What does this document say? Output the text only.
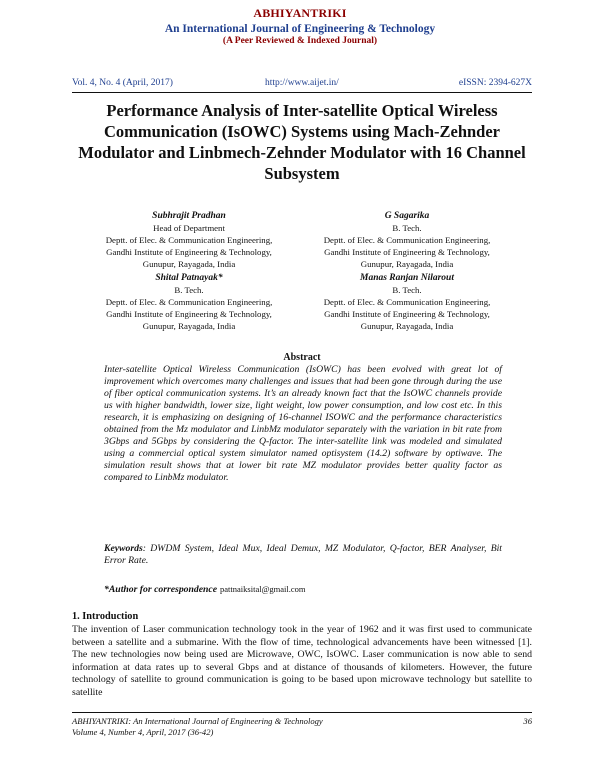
ABHIYANTRIKI
An International Journal of Engineering & Technology
(A Peer Reviewed & Indexed Journal)
Vol. 4, No. 4 (April, 2017)	http://www.aijet.in/	eISSN: 2394-627X
Performance Analysis of Inter-satellite Optical Wireless Communication (IsOWC) Systems using Mach-Zehnder Modulator and Linbmech-Zehnder Modulator with 16 Channel Subsystem
Subhrajit Pradhan
Head of Department
Deptt. of Elec. & Communication Engineering,
Gandhi Institute of Engineering & Technology,
Gunupur, Rayagada, India
G Sagarika
B. Tech.
Deptt. of Elec. & Communication Engineering,
Gandhi Institute of Engineering & Technology,
Gunupur, Rayagada, India
Shital Patnayak*
B. Tech.
Deptt. of Elec. & Communication Engineering,
Gandhi Institute of Engineering & Technology,
Gunupur, Rayagada, India
Manas Ranjan Nilarout
B. Tech.
Deptt. of Elec. & Communication Engineering,
Gandhi Institute of Engineering & Technology,
Gunupur, Rayagada, India
Abstract

Inter-satellite Optical Wireless Communication (IsOWC) has been evolved with great lot of improvement which overcomes many challenges and issues that had been gone through during the use of fiber optical communication systems. It’s an already known fact that the IsOWC channels provide us with higher bandwidth, lower size, light weight, low power consumption, and low cost etc. In this research, it is emphasizing on designing of 16-channel ISOWC and the performance characteristics obtained from the Mz modulator and LinbMz modulator separately with the variation in bit rate from 3Gbps and 5Gbps by considering the Q-factor. The inter-satellite link was modeled and simulated using a commercial optical system simulator named optisystem (14.2) software by optiwave. The simulation result shows that at lower bit rate MZ modulator provides better quality factor as compared to LinbMz modulator.

Keywords: DWDM System, Ideal Mux, Ideal Demux, MZ Modulator, Q-factor, BER Analyser, Bit Error Rate.

*Author for correspondence pattnaiksital@gmail.com

1. Introduction

The invention of Laser communication technology took in the year of 1962 and it was first used to communicate between a satellite and a submarine. With the flow of time, technological advancements have been witnessed [1]. The new technologies now being used are Microwave, OWC, IsOWC. Laser communication is now able to send information at data rates up to several Gbps and at distance of thousands of kilometers. However, the future technology of satellite to ground communication is going to be based upon microwave technology but satellite to satellite

ABHIYANTRIKI: An International Journal of Engineering & Technology
Volume 4, Number 4, April, 2017 (36-42)
36
